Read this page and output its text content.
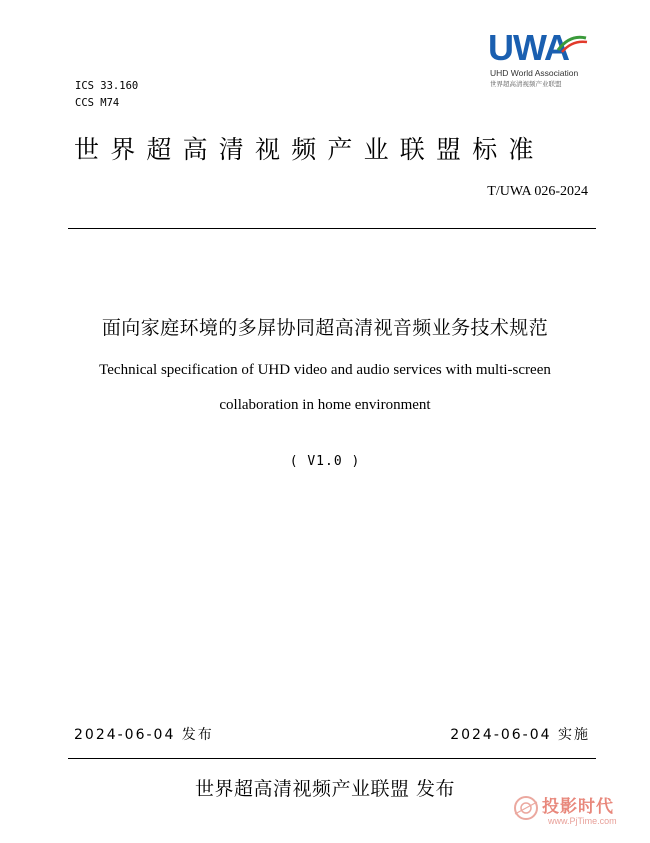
UWA
UHD World Association
世界超高清视频产业联盟
ICS 33.160
CCS M74
世界超高清视频产业联盟标准
T/UWA 026-2024
面向家庭环境的多屏协同超高清视音频业务技术规范
Technical specification of UHD video and audio services with multi-screen
collaboration in home environment
( V1.0 )
2024-06-04 发布	2024-06-04 实施
世界超高清视频产业联盟 发布
投影时代
www.PjTime.com
